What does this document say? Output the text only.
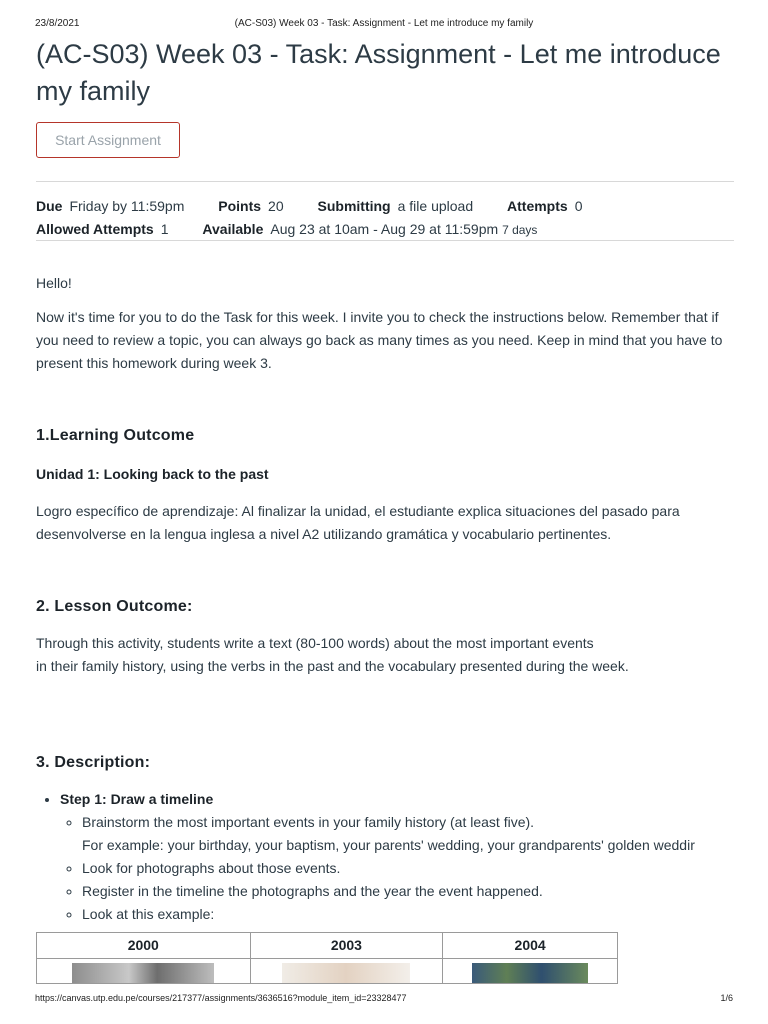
23/8/2021	(AC-S03) Week 03 - Task: Assignment - Let me introduce my family
(AC-S03) Week 03 - Task: Assignment - Let me introduce my family
Start Assignment
Due Friday by 11:59pm Points 20 Submitting a file upload Attempts 0
Allowed Attempts 1 Available Aug 23 at 10am - Aug 29 at 11:59pm 7 days

Hello!

Now it's time for you to do the Task for this week. I invite you to check the instructions below. Remember that if you need to review a topic, you can always go back as many times as you need. Keep in mind that you have to present this homework during week 3.

1.Learning Outcome
Unidad 1: Looking back to the past

Logro específico de aprendizaje: Al finalizar la unidad, el estudiante explica situaciones del pasado para desenvolverse en la lengua inglesa a nivel A2 utilizando gramática y vocabulario pertinentes.

2. Lesson Outcome:

Through this activity, students write a text (80-100 words) about the most important events
in their family history, using the verbs in the past and the vocabulary presented during the week.

3. Description:
• Step 1: Draw a timeline
◦ Brainstorm the most important events in your family history (at least five).
For example: your birthday, your baptism, your parents' wedding, your grandparents' golden weddir
◦ Look for photographs about those events.
◦ Register in the timeline the photographs and the year the event happened.
◦ Look at this example:
2000	2003	2004

https://canvas.utp.edu.pe/courses/217377/assignments/3636516?module_item_id=23328477	1/6
